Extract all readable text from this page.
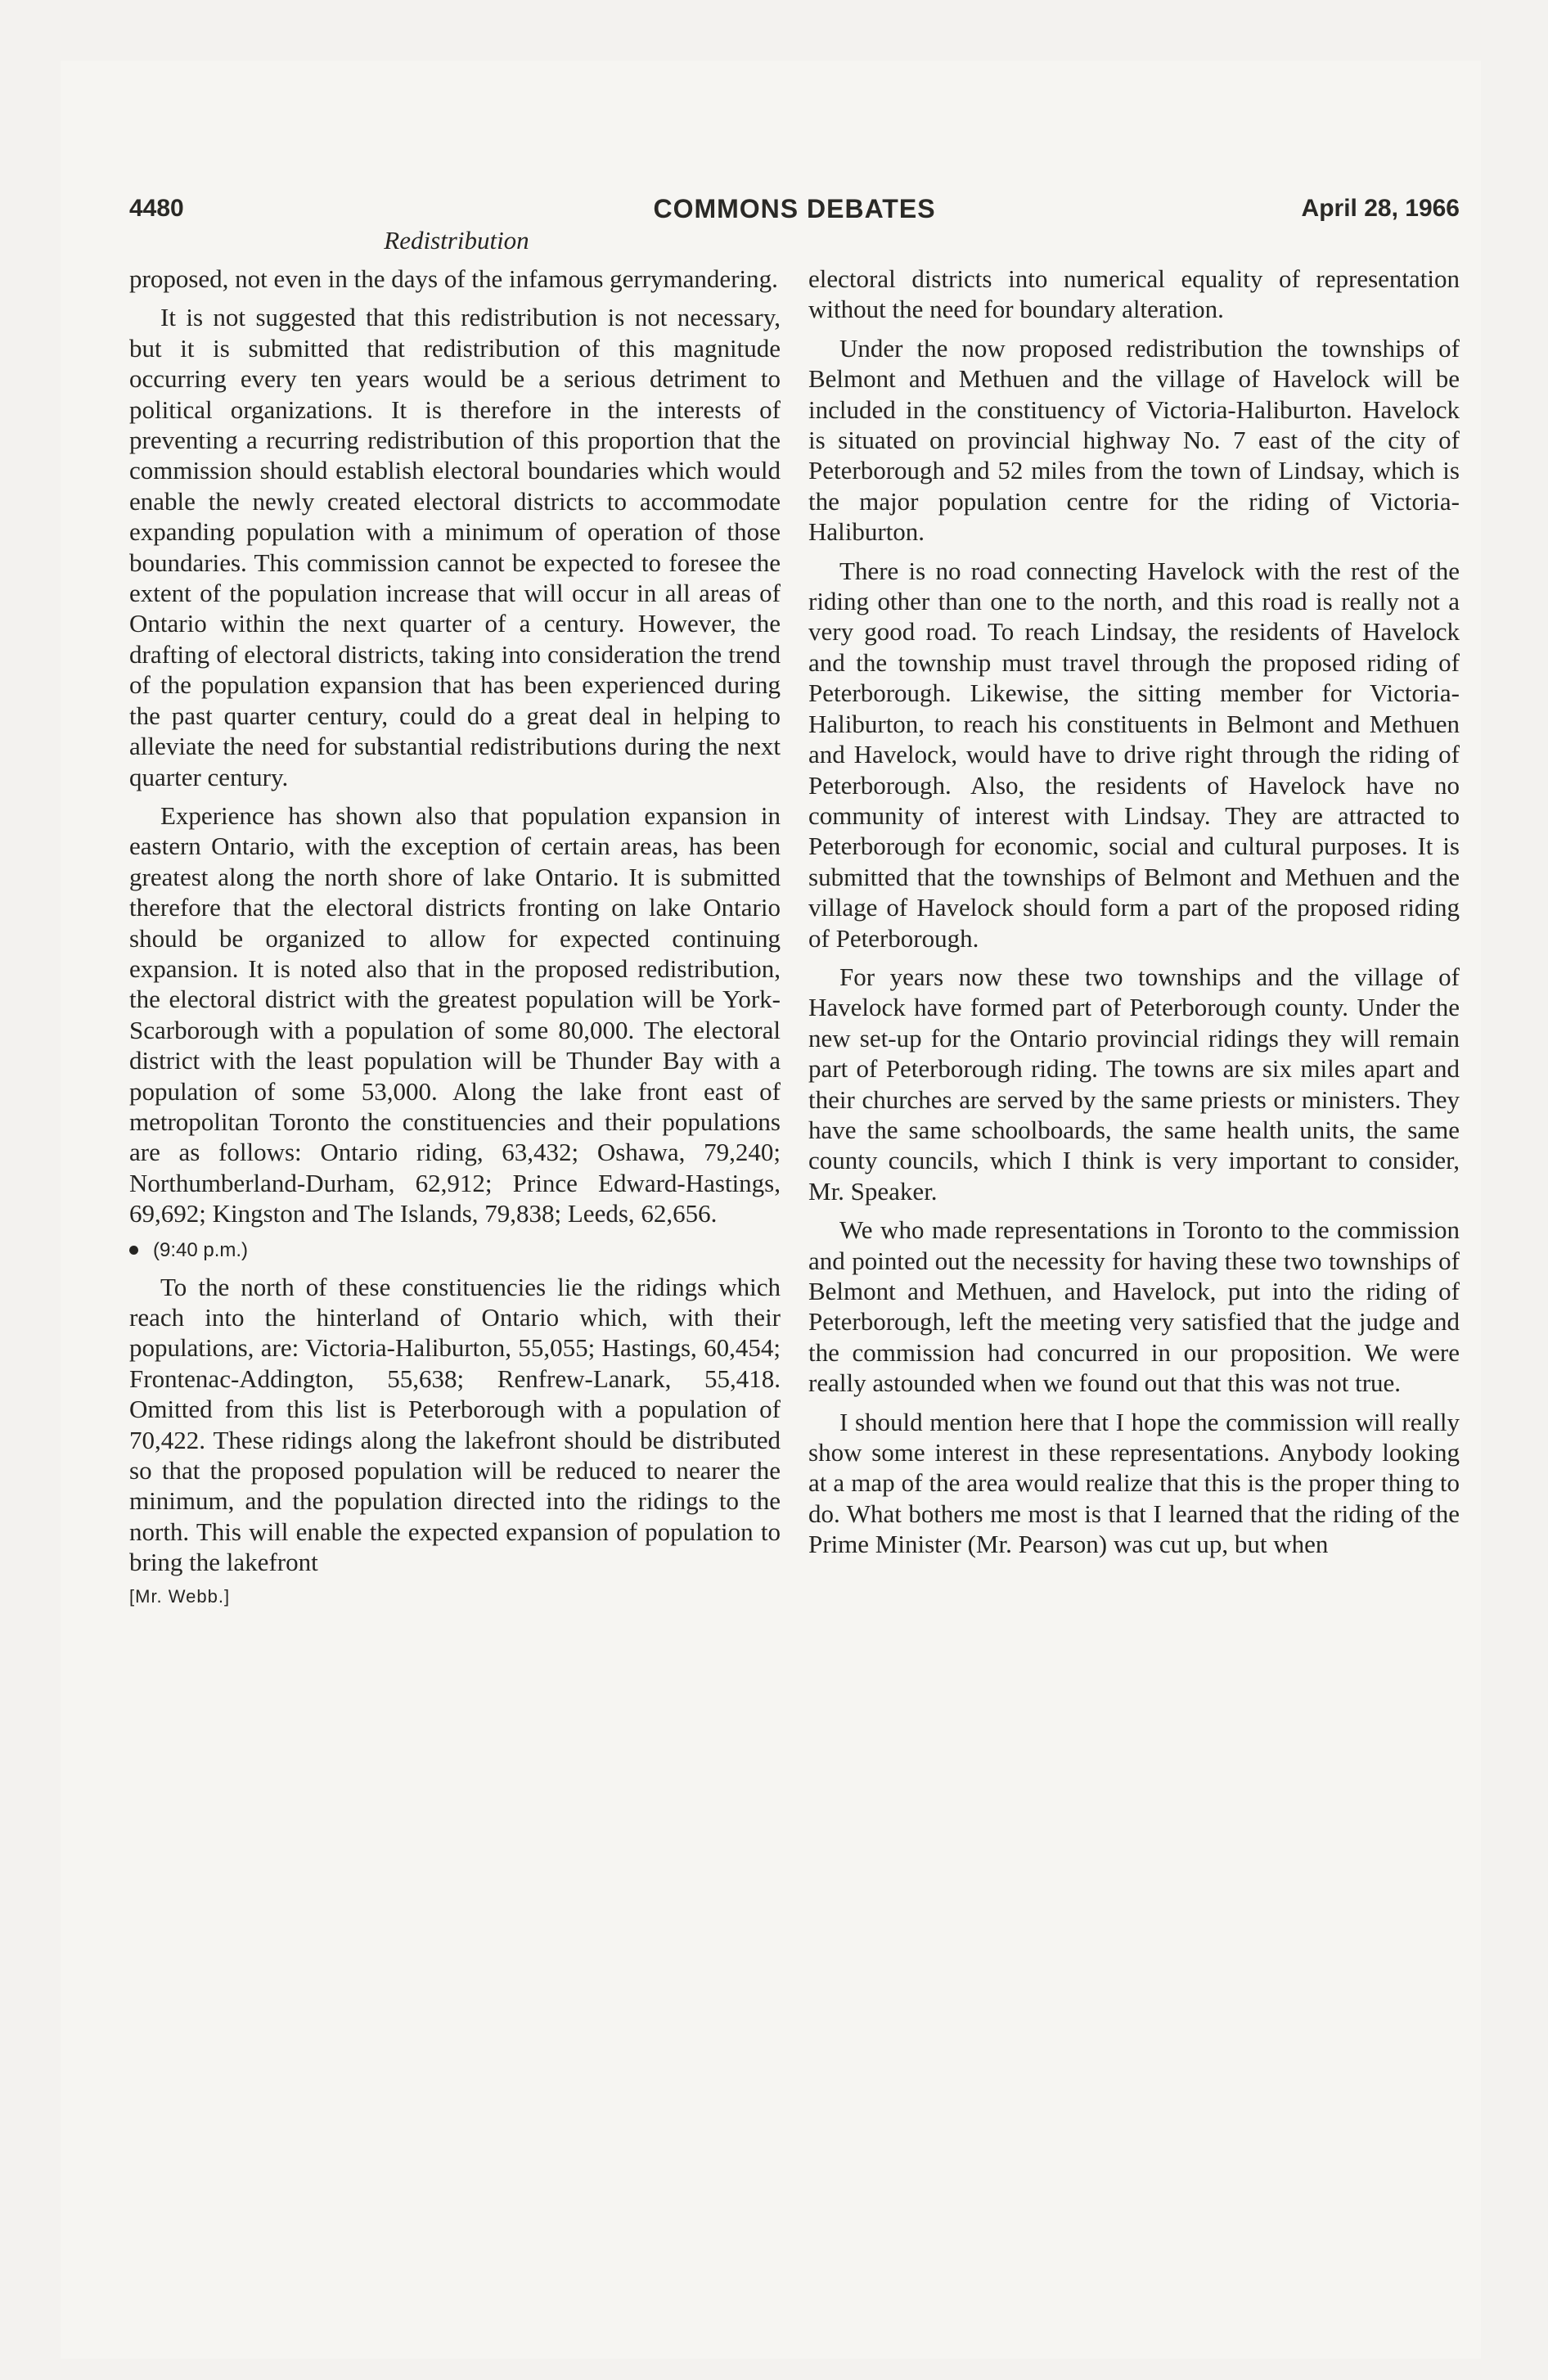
4480	COMMONS DEBATES	April 28, 1966
Redistribution

proposed, not even in the days of the infamous gerrymandering.

It is not suggested that this redistribution is not necessary, but it is submitted that redistribution of this magnitude occurring every ten years would be a serious detriment to political organizations. It is therefore in the interests of preventing a recurring redistribution of this proportion that the commission should establish electoral boundaries which would enable the newly created electoral districts to accommodate expanding population with a minimum of operation of those boundaries. This commission cannot be expected to foresee the extent of the population increase that will occur in all areas of Ontario within the next quarter of a century. However, the drafting of electoral districts, taking into consideration the trend of the population expansion that has been experienced during the past quarter century, could do a great deal in helping to alleviate the need for substantial redistributions during the next quarter century.

Experience has shown also that population expansion in eastern Ontario, with the exception of certain areas, has been greatest along the north shore of lake Ontario. It is submitted therefore that the electoral districts fronting on lake Ontario should be organized to allow for expected continuing expansion. It is noted also that in the proposed redistribution, the electoral district with the greatest population will be York-Scarborough with a population of some 80,000. The electoral district with the least population will be Thunder Bay with a population of some 53,000. Along the lake front east of metropolitan Toronto the constituencies and their populations are as follows: Ontario riding, 63,432; Oshawa, 79,240; Northumberland-Durham, 62,912; Prince Edward-Hastings, 69,692; Kingston and The Islands, 79,838; Leeds, 62,656.

(9:40 p.m.)

To the north of these constituencies lie the ridings which reach into the hinterland of Ontario which, with their populations, are: Victoria-Haliburton, 55,055; Hastings, 60,454; Frontenac-Addington, 55,638; Renfrew-Lanark, 55,418. Omitted from this list is Peterborough with a population of 70,422. These ridings along the lakefront should be distributed so that the proposed population will be reduced to nearer the minimum, and the population directed into the ridings to the north. This will enable the expected expansion of population to bring the lakefront

[Mr. Webb.]

electoral districts into numerical equality of representation without the need for boundary alteration.

Under the now proposed redistribution the townships of Belmont and Methuen and the village of Havelock will be included in the constituency of Victoria-Haliburton. Havelock is situated on provincial highway No. 7 east of the city of Peterborough and 52 miles from the town of Lindsay, which is the major population centre for the riding of Victoria-Haliburton.

There is no road connecting Havelock with the rest of the riding other than one to the north, and this road is really not a very good road. To reach Lindsay, the residents of Havelock and the township must travel through the proposed riding of Peterborough. Likewise, the sitting member for Victoria-Haliburton, to reach his constituents in Belmont and Methuen and Havelock, would have to drive right through the riding of Peterborough. Also, the residents of Havelock have no community of interest with Lindsay. They are attracted to Peterborough for economic, social and cultural purposes. It is submitted that the townships of Belmont and Methuen and the village of Havelock should form a part of the proposed riding of Peterborough.

For years now these two townships and the village of Havelock have formed part of Peterborough county. Under the new set-up for the Ontario provincial ridings they will remain part of Peterborough riding. The towns are six miles apart and their churches are served by the same priests or ministers. They have the same schoolboards, the same health units, the same county councils, which I think is very important to consider, Mr. Speaker.

We who made representations in Toronto to the commission and pointed out the necessity for having these two townships of Belmont and Methuen, and Havelock, put into the riding of Peterborough, left the meeting very satisfied that the judge and the commission had concurred in our proposition. We were really astounded when we found out that this was not true.

I should mention here that I hope the commission will really show some interest in these representations. Anybody looking at a map of the area would realize that this is the proper thing to do. What bothers me most is that I learned that the riding of the Prime Minister (Mr. Pearson) was cut up, but when
